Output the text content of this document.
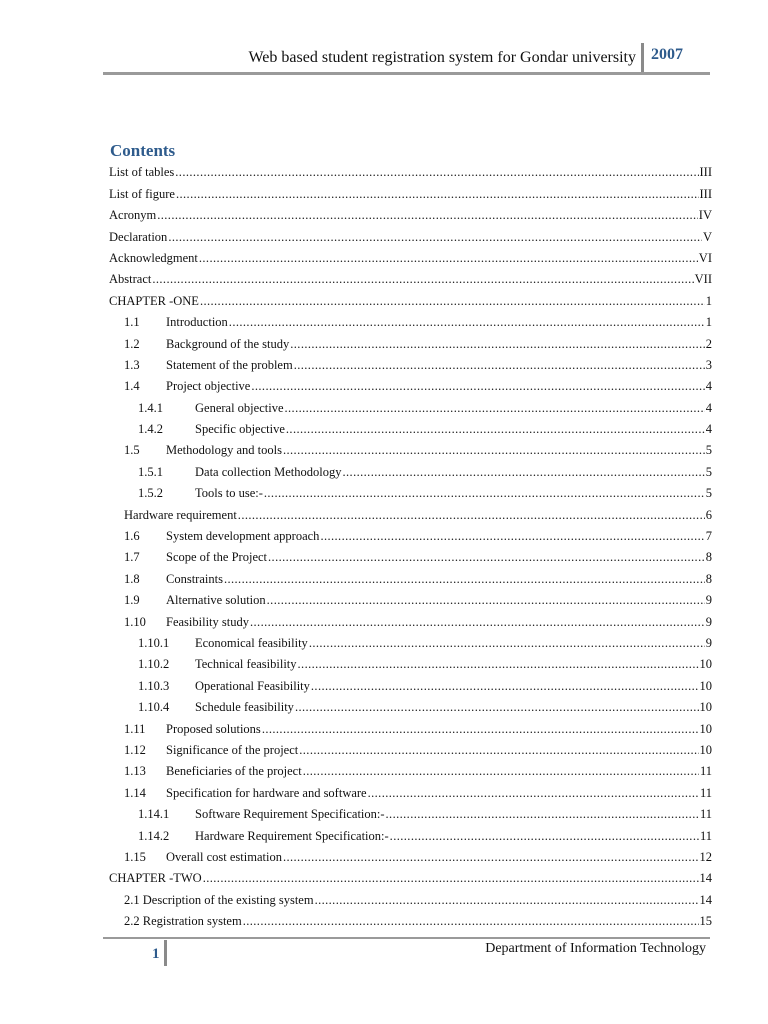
Web based student registration system for Gondar university 2007
Contents
List of tables .....	III
List of figure .....	III
Acronym .....	IV
Declaration .....	V
Acknowledgment .....	VI
Abstract .....	VII
CHAPTER -ONE .....	1
1.1	Introduction .....	1
1.2	Background of the study .....	2
1.3	Statement of the problem .....	3
1.4	Project objective .....	4
1.4.1	General objective .....	4
1.4.2	Specific objective .....	4
1.5	Methodology and tools .....	5
1.5.1	Data collection Methodology .....	5
1.5.2	Tools to use:- .....	5
Hardware requirement .....	6
1.6	System development approach .....	7
1.7	Scope of the Project .....	8
1.8	Constraints .....	8
1.9	Alternative solution .....	9
1.10	Feasibility study .....	9
1.10.1	Economical feasibility .....	9
1.10.2	Technical feasibility .....	10
1.10.3	Operational Feasibility .....	10
1.10.4	Schedule feasibility .....	10
1.11	Proposed solutions .....	10
1.12	Significance of the project .....	10
1.13	Beneficiaries of the project .....	11
1.14	Specification for hardware and software .....	11
1.14.1	Software Requirement Specification:- .....	11
1.14.2	Hardware Requirement Specification:- .....	11
1.15	Overall cost estimation .....	12
CHAPTER -TWO .....	14
2.1 Description of the existing system .....	14
2.2 Registration system .....	15
1	Department of Information Technology
